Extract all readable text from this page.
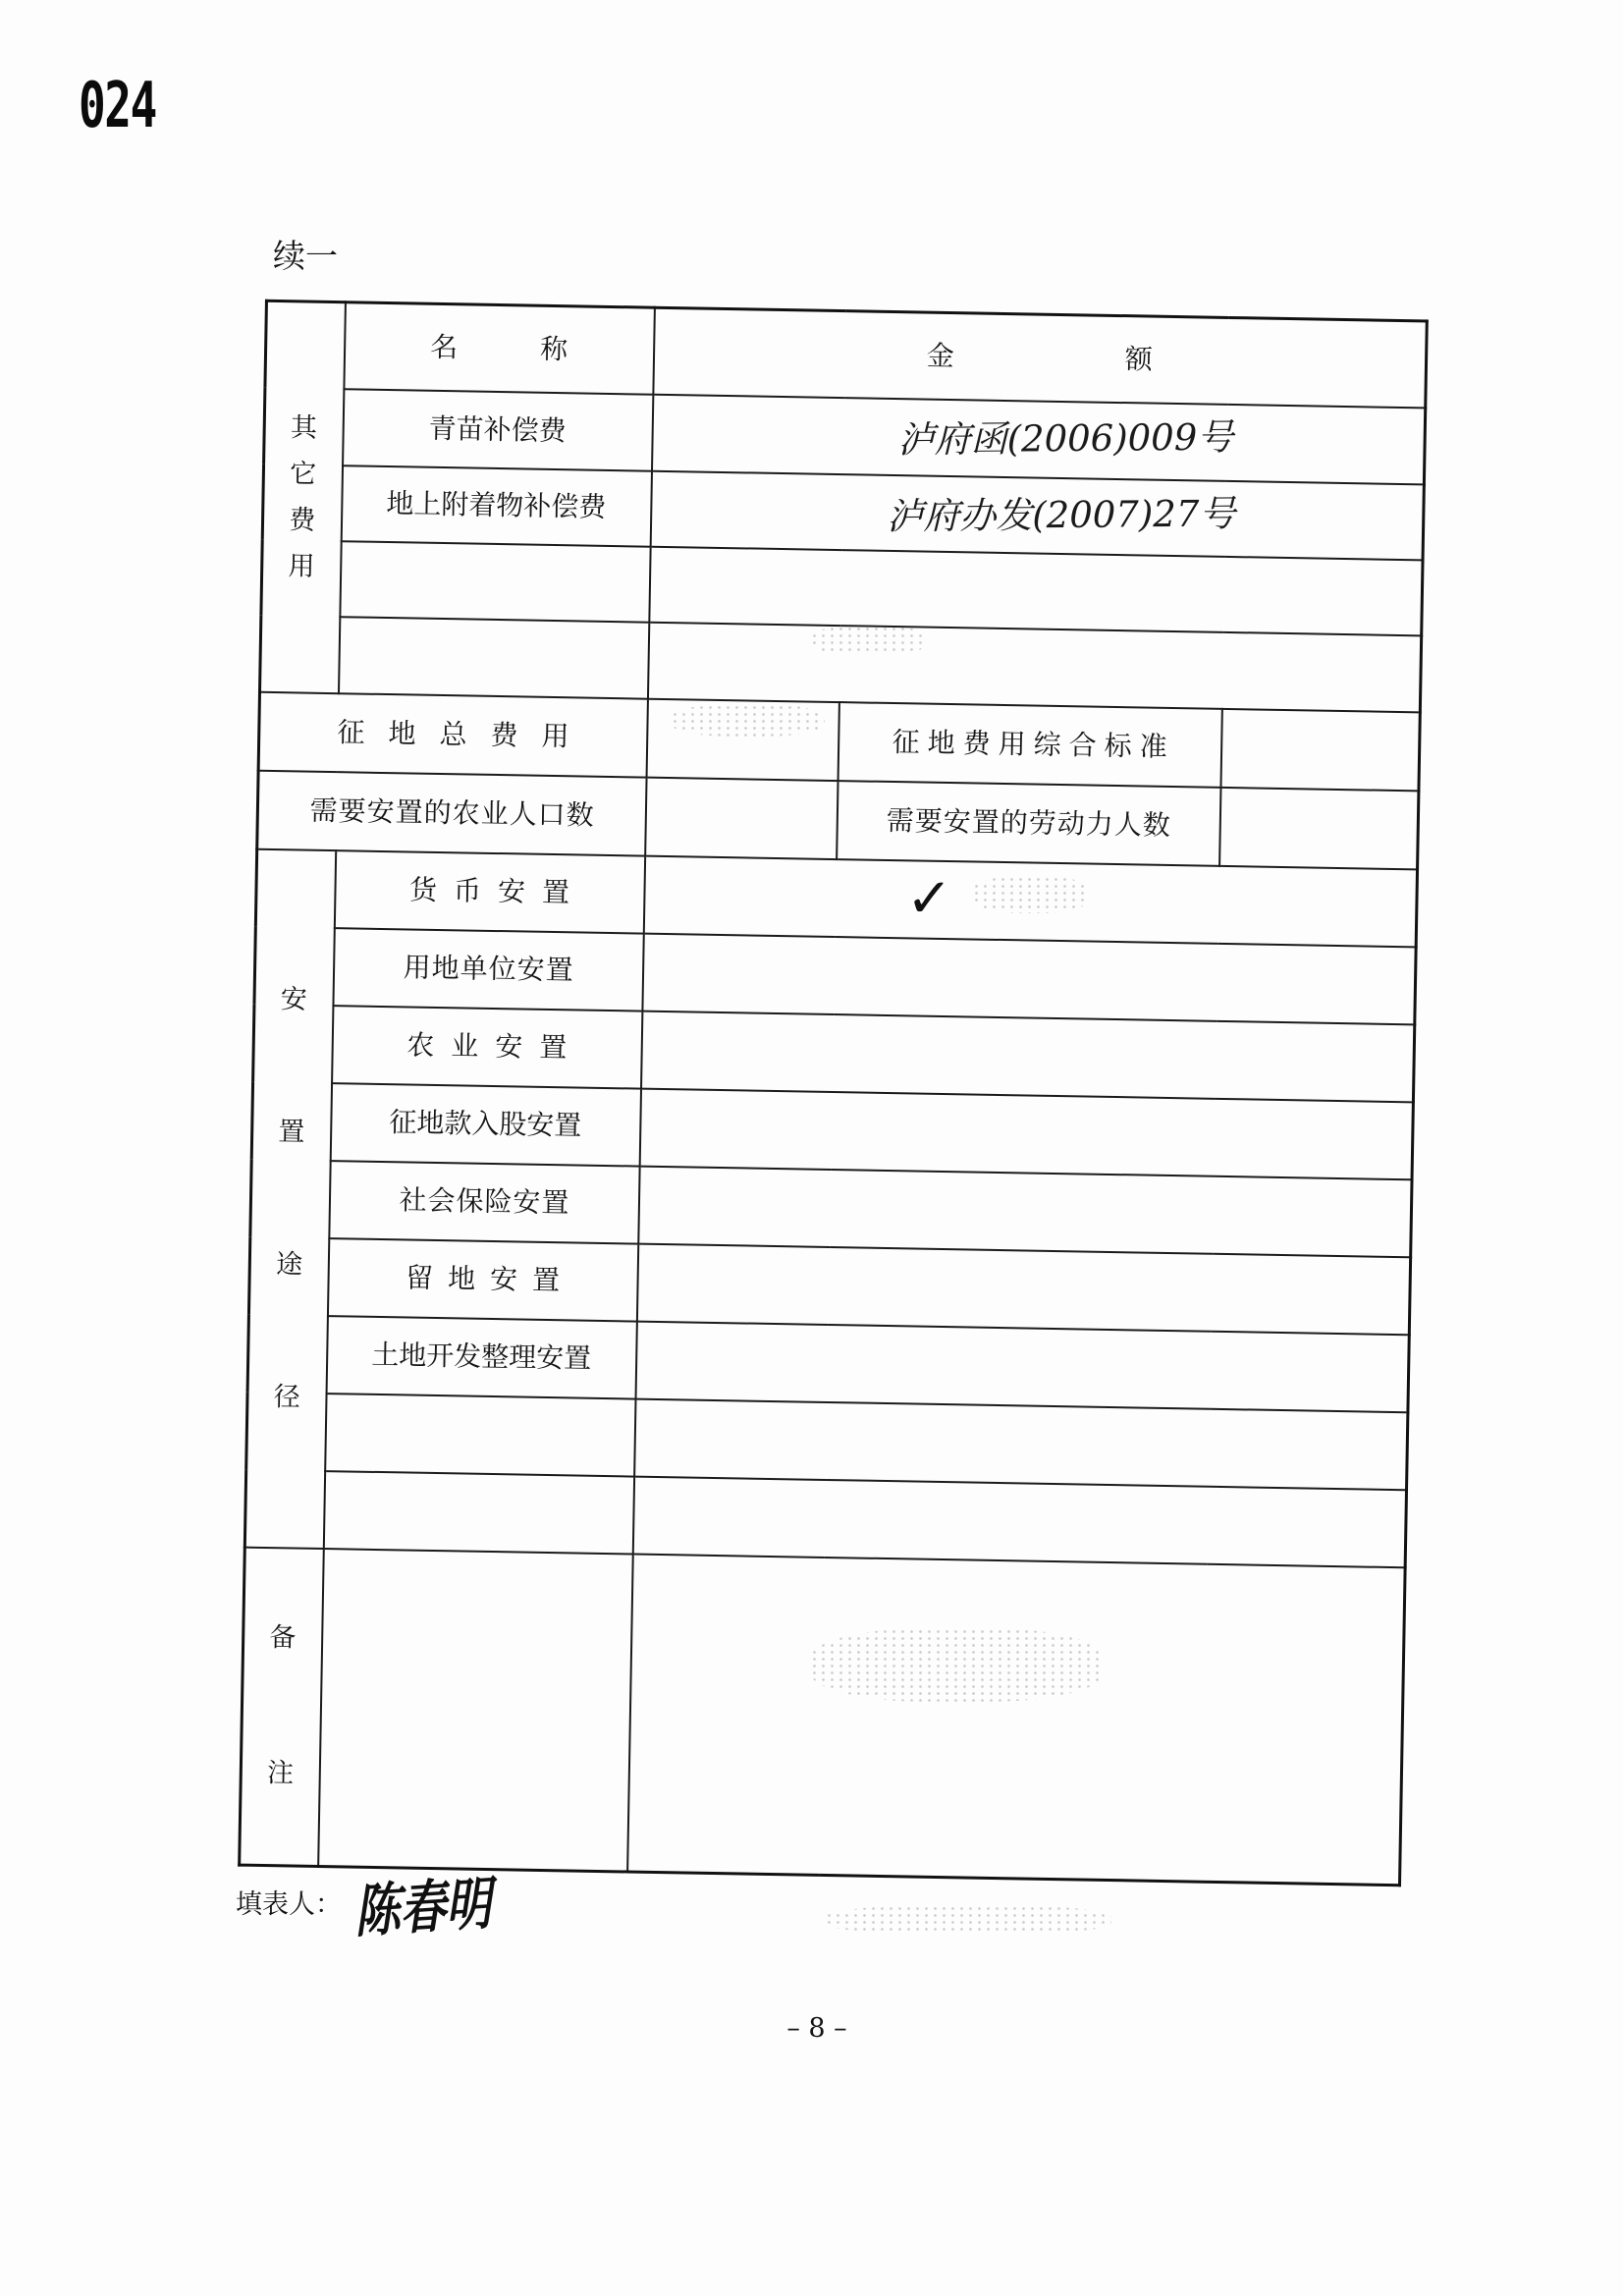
024
续一
其它费用	名称	金额		
	青苗补偿费	泸府函(2006)009号		
	地上附着物补偿费	泸府办发(2007)27号		

征地总费用			征地费用综合标准	
需要安置的农业人口数			需要安置的劳动力人数	
安置途径	货币安置	✓		
	用地单位安置			
	农业安置			
	征地款入股安置			
	社会保险安置			
	留地安置			
	土地开发整理安置			

备注				
填表人： 陈春明
– 8 –
